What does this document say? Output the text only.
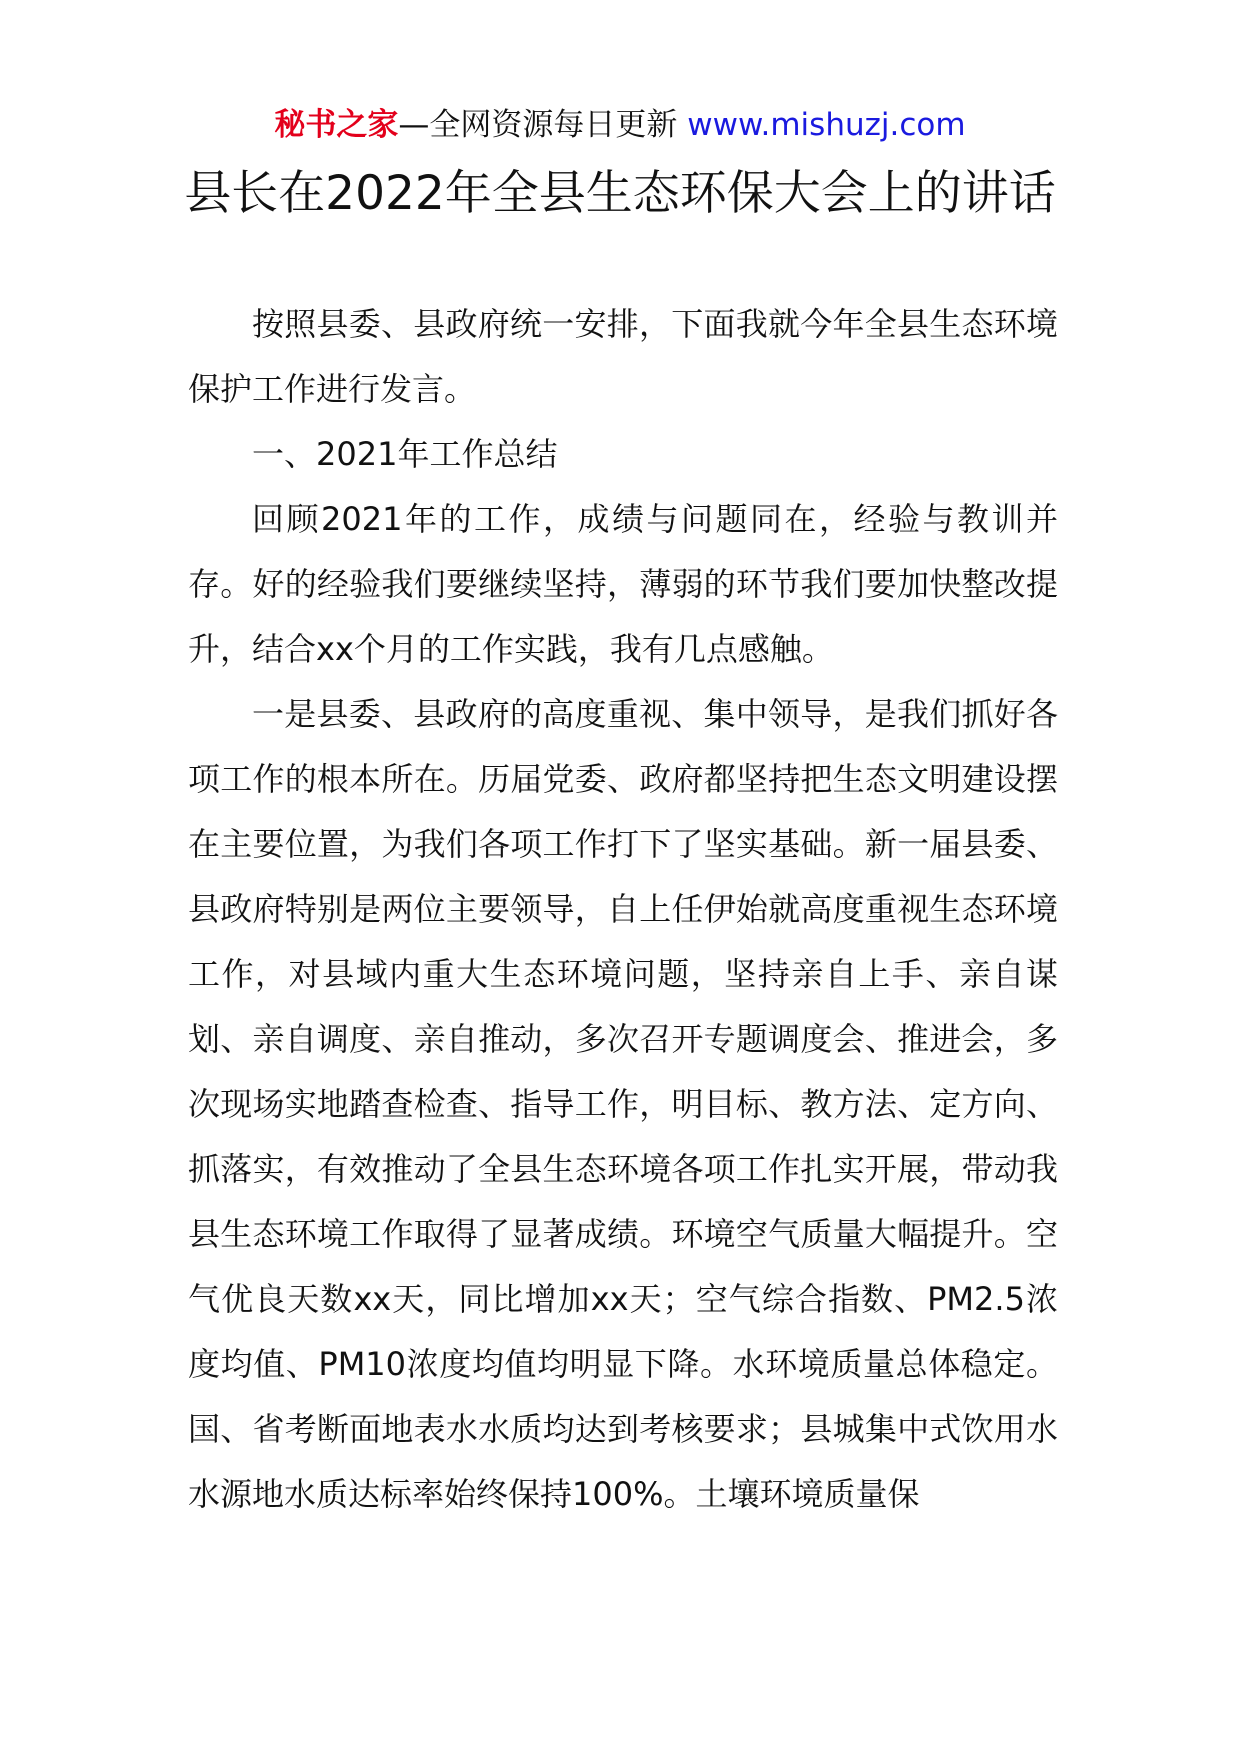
秘书之家—全网资源每日更新 www.mishuzj.com
县长在2022年全县生态环保大会上的讲话

按照县委、县政府统一安排，下面我就今年全县生态环境保护工作进行发言。

一、2021年工作总结

回顾2021年的工作，成绩与问题同在，经验与教训并存。好的经验我们要继续坚持，薄弱的环节我们要加快整改提升，结合xx个月的工作实践，我有几点感触。

一是县委、县政府的高度重视、集中领导，是我们抓好各项工作的根本所在。历届党委、政府都坚持把生态文明建设摆在主要位置，为我们各项工作打下了坚实基础。新一届县委、县政府特别是两位主要领导，自上任伊始就高度重视生态环境工作，对县域内重大生态环境问题，坚持亲自上手、亲自谋划、亲自调度、亲自推动，多次召开专题调度会、推进会，多次现场实地踏查检查、指导工作，明目标、教方法、定方向、抓落实，有效推动了全县生态环境各项工作扎实开展，带动我县生态环境工作取得了显著成绩。环境空气质量大幅提升。空气优良天数xx天，同比增加xx天；空气综合指数、PM2.5浓度均值、PM10浓度均值均明显下降。水环境质量总体稳定。国、省考断面地表水水质均达到考核要求；县城集中式饮用水水源地水质达标率始终保持100%。土壤环境质量保
